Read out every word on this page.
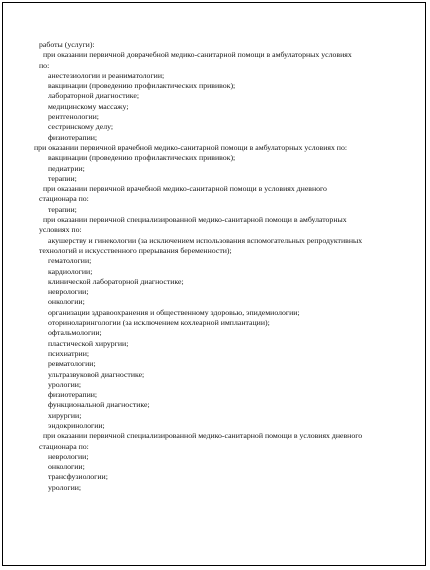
работы (услуги):
при оказании первичной доврачебной медико-санитарной помощи в амбулаторных условиях
по:
анестезиологии и реаниматологии;
вакцинации (проведению профилактических прививок);
лабораторной диагностике;
медицинскому массажу;
рентгенологии;
сестринскому делу;
физиотерапии;
при оказании первичной врачебной медико-санитарной помощи в амбулаторных условиях по:
вакцинации (проведению профилактических прививок);
педиатрии;
терапии;
при оказании первичной врачебной медико-санитарной помощи в условиях дневного
стационара по:
терапии;
при оказании первичной специализированной медико-санитарной помощи в амбулаторных
условиях по:
акушерству и гинекологии (за исключением использования вспомогательных репродуктивных
технологий и искусственного прерывания беременности);
гематологии;
кардиологии;
клинической лабораторной диагностике;
неврологии;
онкологии;
организации здравоохранения и общественному здоровью, эпидемиологии;
оториноларингологии (за исключением кохлеарной имплантации);
офтальмологии;
пластической хирургии;
психиатрии;
ревматологии;
ультразвуковой диагностике;
урологии;
физиотерапии;
функциональной диагностике;
хирургии;
эндокринологии;
при оказании первичной специализированной медико-санитарной помощи в условиях дневного
стационара по:
неврологии;
онкологии;
трансфузиологии;
урологии;
